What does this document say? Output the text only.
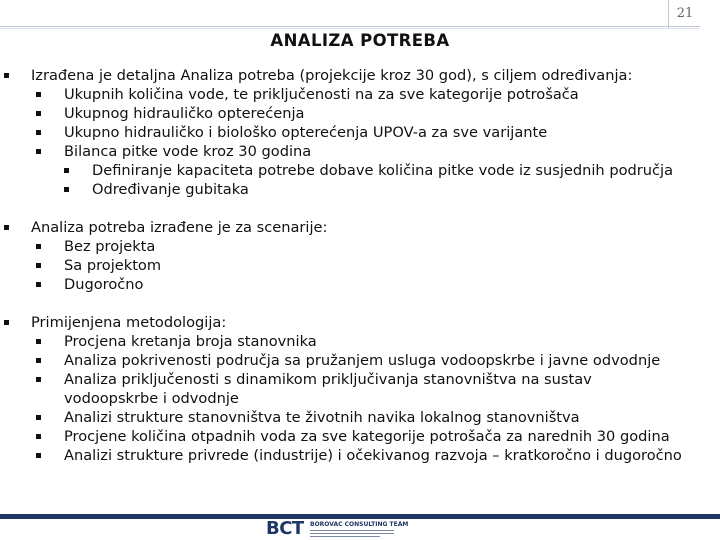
21
ANALIZA POTREBA
Izrađena je detaljna Analiza potreba (projekcije kroz 30 god), s ciljem određivanja:
Ukupnih količina vode, te priključenosti na za sve kategorije potrošača
Ukupnog hidrauličko opterećenja
Ukupno hidrauličko i biološko opterećenja UPOV-a za sve varijante
Bilanca pitke vode kroz 30 godina
Definiranje kapaciteta potrebe dobave količina pitke vode iz susjednih područja
Određivanje gubitaka
Analiza potreba izrađene je za scenarije:
Bez projekta
Sa projektom
Dugoročno
Primijenjena metodologija:
Procjena kretanja broja stanovnika
Analiza pokrivenosti područja sa pružanjem usluga vodoopskrbe i javne odvodnje
Analiza priključenosti s dinamikom priključivanja stanovništva na sustav
vodoopskrbe i odvodnje
Analizi strukture stanovništva te životnih navika lokalnog stanovništva
Procjene količina otpadnih voda za sve kategorije potrošača za narednih 30 godina
Analizi strukture privrede (industrije) i očekivanog razvoja – kratkoročno i dugoročno
BCT BOROVAC CONSULTING TEAM
